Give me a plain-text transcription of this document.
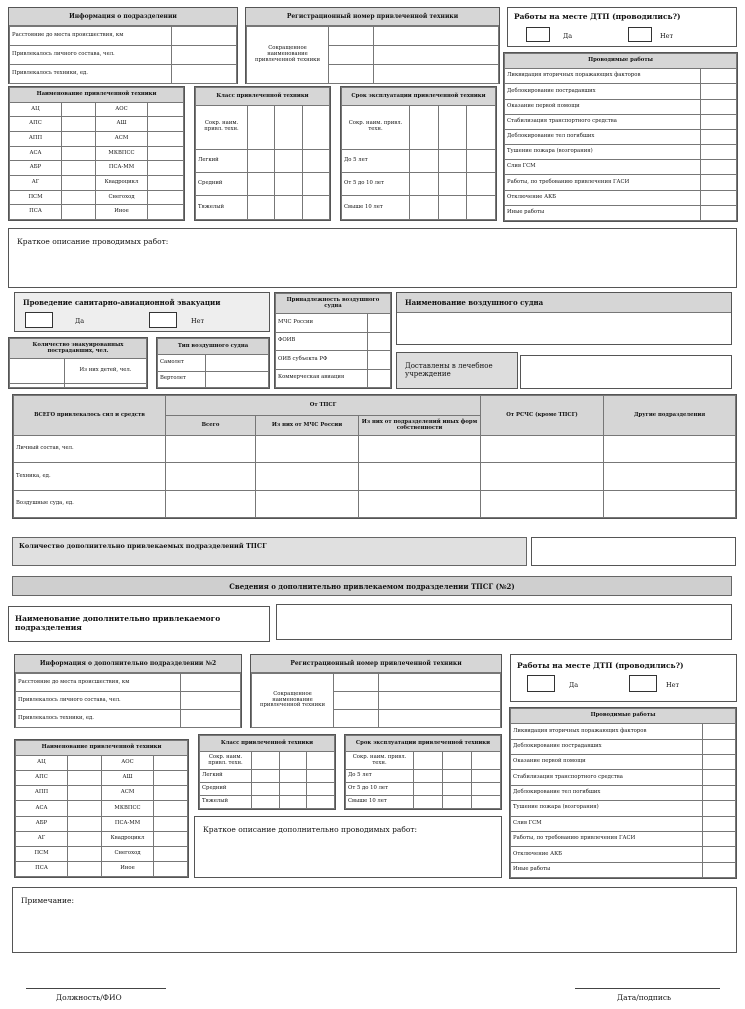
Информация о подразделении
Расстояние до места происшествия, км	
Привлекалось личного состава, чел.	
Привлекалось техники, ед.	
Регистрационный номер привлеченной техники
Сокращенное наименование привлеченной техники		

Работы на месте ДТП (проводились?)
Да	Нет
Проводимые работы	
Ликвидация вторичных поражающих факторов	
Деблокирование пострадавших	
Оказание первой помощи	
Стабилизация транспортного средства	
Деблокирование тел погибших	
Тушение пожара (возгорания)	
Слив ГСМ	
Работы, по требованию привлечения ГАСИ	
Отключение АКБ	
Иные работы	
Наименование привлеченной техники			
АЦ		АОС	
АПС		АШ	
АПП		АСМ	
АСА		МКВПСС	
АБР		ПСА-ММ	
АГ		Квадроцикл	
ПСМ		Снегоход	
ПСА		Иное	
Класс привлеченной техники			
Сокр. наим. привл. техн.			
Легкий			
Средний			
Тяжелый			
Срок эксплуатации привлеченной техники			
Сокр. наим. привл. техн.			
До 5 лет			
От 5 до 10 лет			
Свыше 10 лет			
Краткое описание проводимых работ:
Проведение санитарно-авиационной эвакуации
Да	Нет
Количество эвакуированных пострадавших, чел.	
	Из них детей, чел.

Тип воздушного судна	
Самолет	
Вертолет	
Принадлежность воздушного судна	
МЧС России	
ФОИВ	
ОИВ субъекта РФ	
Коммерческая авиация	
Наименование воздушного судна
Доставлены в лечебное учреждение
ВСЕГО привлекалось сил и средств	От ТПСГ			От РСЧС (кроме ТПСГ)	Другие подразделения
	Всего	Из них от МЧС России	Из них от подразделений иных форм собственности		
Личный состав, чел.					
Техника, ед.					
Воздушные суда, ед.					
Количество дополнительно привлекаемых подразделений ТПСГ
Сведения о дополнительно привлекаемом подразделении ТПСГ (№2)
Наименование дополнительно привлекаемого подразделения
Информация о дополнительно подразделении №2
Расстояние до места происшествия, км	
Привлекалось личного состава, чел.	
Привлекалось техники, ед.	
Регистрационный номер привлеченной техники
Сокращенное наименование привлеченной техники		

Работы на месте ДТП (проводились?)
Да	Нет
Проводимые работы	
Ликвидация вторичных поражающих факторов	
Деблокирование пострадавших	
Оказание первой помощи	
Стабилизация транспортного средства	
Деблокирование тел погибших	
Тушение пожара (возгорания)	
Слив ГСМ	
Работы, по требованию привлечения ГАСИ	
Отключение АКБ	
Иные работы	
Наименование привлеченной техники			
АЦ		АОС	
АПС		АШ	
АПП		АСМ	
АСА		МКВПСС	
АБР		ПСА-ММ	
АГ		Квадроцикл	
ПСМ		Снегоход	
ПСА		Иное	
Класс привлеченной техники			
Сокр. наим. привл. техн.			
Легкий			
Средний			
Тяжелый			
Срок эксплуатации привлеченной техники			
Сокр. наим. привл. техн.			
До 5 лет			
От 5 до 10 лет			
Свыше 10 лет			
Краткое описание дополнительно проводимых работ:
Примечание:
Должность/ФИО	Дата/подпись
